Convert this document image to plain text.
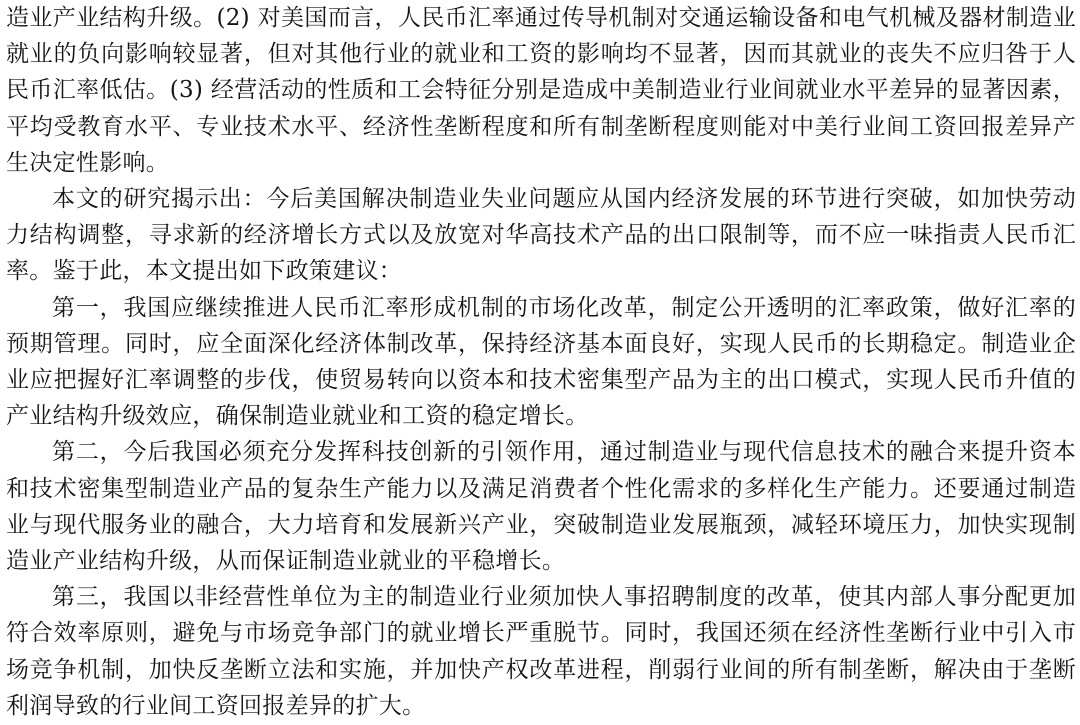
造业产业结构升级。(2) 对美国而言，人民币汇率通过传导机制对交通运输设备和电气机械及器材制造业就业的负向影响较显著，但对其他行业的就业和工资的影响均不显著，因而其就业的丧失不应归咎于人民币汇率低估。(3) 经营活动的性质和工会特征分别是造成中美制造业行业间就业水平差异的显著因素，平均受教育水平、专业技术水平、经济性垄断程度和所有制垄断程度则能对中美行业间工资回报差异产生决定性影响。

本文的研究揭示出：今后美国解决制造业失业问题应从国内经济发展的环节进行突破，如加快劳动力结构调整，寻求新的经济增长方式以及放宽对华高技术产品的出口限制等，而不应一味指责人民币汇率。鉴于此，本文提出如下政策建议：

第一，我国应继续推进人民币汇率形成机制的市场化改革，制定公开透明的汇率政策，做好汇率的预期管理。同时，应全面深化经济体制改革，保持经济基本面良好，实现人民币的长期稳定。制造业企业应把握好汇率调整的步伐，使贸易转向以资本和技术密集型产品为主的出口模式，实现人民币升值的产业结构升级效应，确保制造业就业和工资的稳定增长。

第二，今后我国必须充分发挥科技创新的引领作用，通过制造业与现代信息技术的融合来提升资本和技术密集型制造业产品的复杂生产能力以及满足消费者个性化需求的多样化生产能力。还要通过制造业与现代服务业的融合，大力培育和发展新兴产业，突破制造业发展瓶颈，减轻环境压力，加快实现制造业产业结构升级，从而保证制造业就业的平稳增长。

第三，我国以非经营性单位为主的制造业行业须加快人事招聘制度的改革，使其内部人事分配更加符合效率原则，避免与市场竞争部门的就业增长严重脱节。同时，我国还须在经济性垄断行业中引入市场竞争机制，加快反垄断立法和实施，并加快产权改革进程，削弱行业间的所有制垄断，解决由于垄断利润导致的行业间工资回报差异的扩大。
